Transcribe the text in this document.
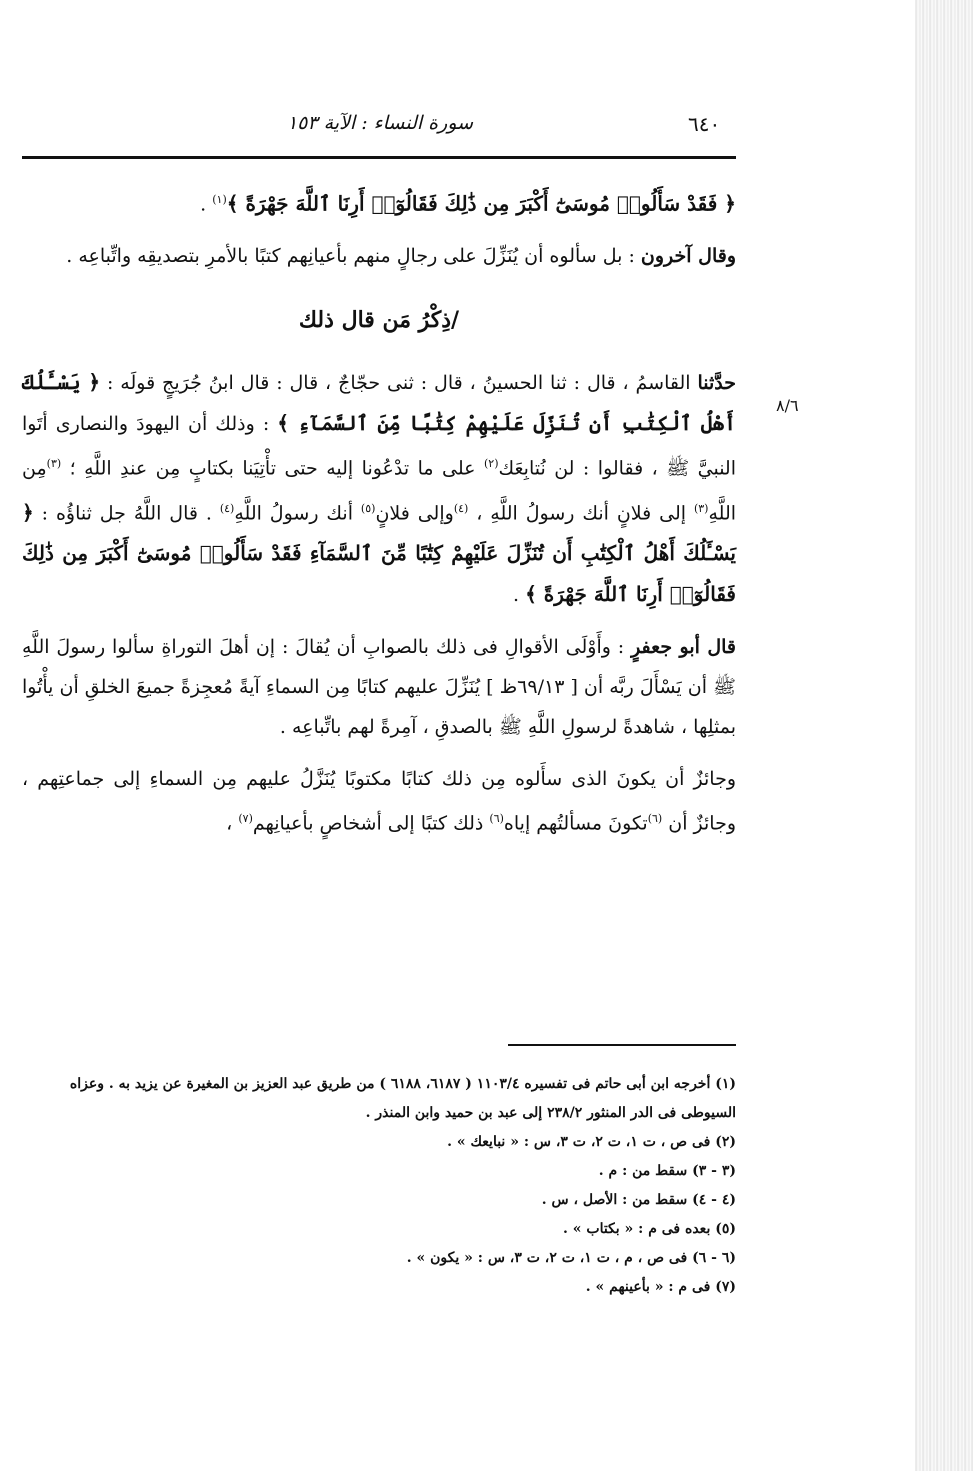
٦٤٠
سورة النساء : الآية ١٥٣
٨/٦

﴿ فَقَدْ سَأَلُوا۟ مُوسَىٰٓ أَكْبَرَ مِن ذَٰلِكَ فَقَالُوٓا۟ أَرِنَا ٱللَّهَ جَهْرَةً ﴾$^{(١)}$ .

وقال آخرون : بل سألوه أن يُنَزِّلَ على رجالٍ منهم بأعيانِهم كتبًا بالأمرِ بتصديقِه واتِّباعِه .

/ذِكْرُ مَن قال ذلك

حدَّثنا القاسمُ ، قال : ثنا الحسينُ ، قال : ثنى حجّاجٌ ، قال : قال ابنُ جُرَيجٍ قولَه : ﴿ يَسْـَٔلُكَ أَهْلُ ٱلْكِتَٰبِ أَن تُنَزِّلَ عَلَيْهِمْ كِتَٰبًا مِّنَ ٱلسَّمَآءِ ﴾ : وذلك أن اليهودَ والنصارى أتَوا النبيَّ ﷺ ، فقالوا : لن نُتابِعَك$^{(٢)}$ على ما تدْعُونا إليه حتى تأْتِيَنا بكتابٍ مِن عندِ اللَّهِ ؛ $^{(٣)}$مِن اللَّهِ$^{(٣)}$ إلى فلانٍ أنك رسولُ اللَّهِ ، $^{(٤)}$وإلى فلانٍ$^{(٥)}$ أنك رسولُ اللَّهِ$^{(٤)}$ . قال اللَّهُ جل ثناؤُه : ﴿ يَسْـَٔلُكَ أَهْلُ ٱلْكِتَٰبِ أَن تُنَزِّلَ عَلَيْهِمْ كِتَٰبًا مِّنَ ٱلسَّمَآءِ فَقَدْ سَأَلُوا۟ مُوسَىٰٓ أَكْبَرَ مِن ذَٰلِكَ فَقَالُوٓا۟ أَرِنَا ٱللَّهَ جَهْرَةً ﴾ .

قال أبو جعفرٍ : وأَوْلَى الأقوالِ فى ذلك بالصوابِ أن يُقالَ : إن أهلَ التوراةِ سألوا رسولَ اللَّهِ ﷺ أن يَسْأَلَ ربَّه أن [ ٦٩/١٣ظ ] يُنَزِّلَ عليهم كتابًا مِن السماءِ آيةً مُعجِزةً جميعَ الخلقِ أن يأْتُوا بمثلِها ، شاهدةً لرسولِ اللَّهِ ﷺ بالصدقِ ، آمِرةً لهم باتِّباعِه .

وجائزٌ أن يكونَ الذى سأَلوه مِن ذلك كتابًا مكتوبًا يُنَزَّلُ عليهم مِن السماءِ إلى جماعتِهم ، وجائزٌ أن $^{(٦)}$تكونَ مسألتُهم إياه$^{(٦)}$ ذلك كتبًا إلى أشخاصٍ بأعيانِهم$^{(٧)}$ ،

(١) أخرجه ابن أبى حاتم فى تفسيره ١١٠٣/٤ ( ٦١٨٧، ٦١٨٨ ) من طريق عبد العزيز بن المغيرة عن يزيد به . وعزاه السيوطى فى الدر المنثور ٢٣٨/٢ إلى عبد بن حميد وابن المنذر .
(٢) فى ص ، ت ١، ت ٢، ت ٣، س : « نبايعك » .
(٣ - ٣) سقط من : م .
(٤ - ٤) سقط من : الأصل ، س .
(٥) بعده فى م : « بكتاب » .
(٦ - ٦) فى ص ، م ، ت ١، ت ٢، ت ٣، س : « يكون » .
(٧) فى م : « بأعينهم » .
